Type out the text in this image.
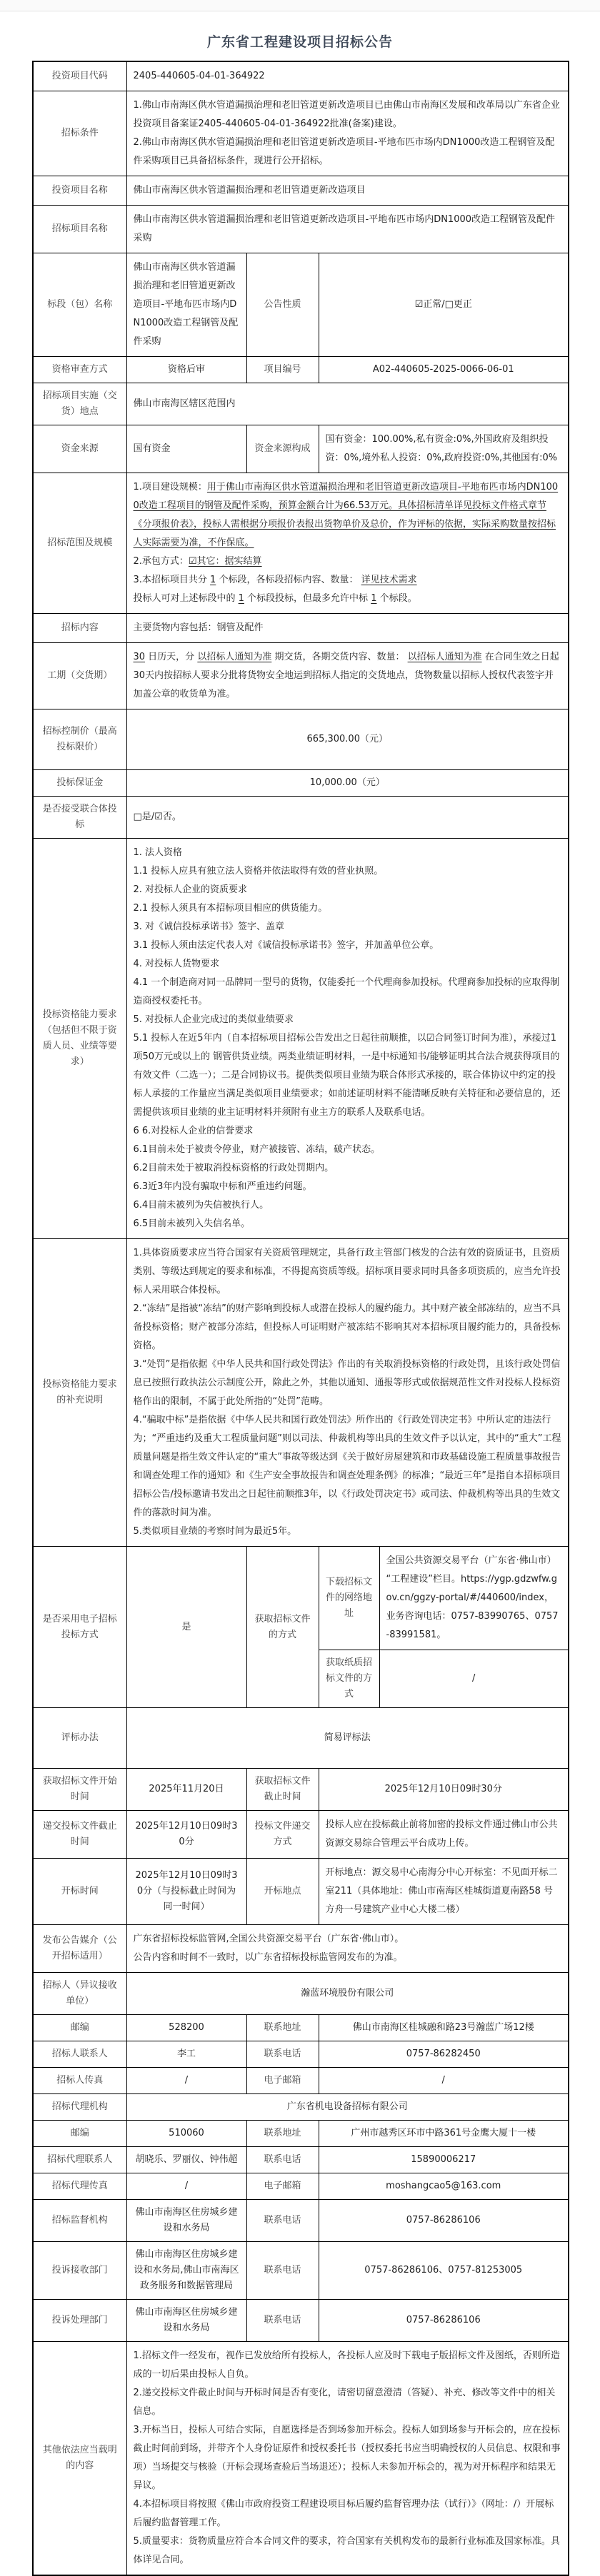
广东省工程建设项目招标公告
投资项目代码	2405-440605-04-01-364922			
招标条件	1.佛山市南海区供水管道漏损治理和老旧管道更新改造项目已由佛山市南海区发展和改革局以广东省企业投资项目备案证2405-440605-04-01-364922批准(备案)建设。
2.佛山市南海区供水管道漏损治理和老旧管道更新改造项目-平地布匹市场内DN1000改造工程钢管及配件采购项目已具备招标条件，现进行公开招标。			

投资项目名称	佛山市南海区供水管道漏损治理和老旧管道更新改造项目			
招标项目名称	佛山市南海区供水管道漏损治理和老旧管道更新改造项目-平地布匹市场内DN1000改造工程钢管及配件采购			
标段（包）名称	佛山市南海区供水管道漏损治理和老旧管道更新改造项目-平地布匹市场内DN1000改造工程钢管及配件采购	公告性质	☑正常/□更正	
资格审查方式	资格后审	项目编号	A02-440605-2025-0066-06-01	
招标项目实施（交货）地点	佛山市南海区辖区范围内			
资金来源	国有资金	资金来源构成	国有资金：100.00%,私有资金:0%,外国政府及组织投资：0%,境外私人投资：0%,政府投资:0%,其他国有:0%	
招标范围及规模	1.项目建设规模：用于佛山市南海区供水管道漏损治理和老旧管道更新改造项目-平地布匹市场内DN1000改造工程项目的钢管及配件采购，预算金额合计为66.53万元。具体招标清单详见投标文件格式章节《分项报价表》，投标人需根据分项报价表报出货物单价及总价，作为评标的依据，实际采购数量按招标人实际需要为准，不作保底。
2.承包方式：☑其它：据实结算
3.本招标项目共分 1 个标段，各标段招标内容、数量： 详见技术需求
投标人可对上述标段中的 1 个标段投标，但最多允许中标 1 个标段。			

招标内容	主要货物内容包括：钢管及配件			
工期（交货期）	30 日历天，分 以招标人通知为准 期交货，各期交货内容、数量： 以招标人通知为准 在合同生效之日起30天内按招标人要求分批将货物安全地运到招标人指定的交货地点，货物数量以招标人授权代表签字并加盖公章的收货单为准。			

招标控制价（最高投标限价）	665,300.00（元）			
投标保证金	10,000.00（元）			
是否接受联合体投标	□是/☑否。			
投标资格能力要求（包括但不限于资质人员、业绩等要求）	
1. 法人资格
1.1 投标人应具有独立法人资格并依法取得有效的营业执照。
2. 对投标人企业的资质要求
2.1 投标人须具有本招标项目相应的供货能力。
3. 对《诚信投标承诺书》签字、盖章
3.1 投标人须由法定代表人对《诚信投标承诺书》签字，并加盖单位公章。
4. 对投标人货物要求
4.1 一个制造商对同一品牌同一型号的货物，仅能委托一个代理商参加投标。代理商参加投标的应取得制造商授权委托书。
5. 对投标人企业完成过的类似业绩要求
5.1 投标人在近5年内（自本招标项目招标公告发出之日起往前顺推，以☑合同签订时间为准），承接过1项50万元或以上的 钢管供货业绩。两类业绩证明材料，一是中标通知书/能够证明其合法合规获得项目的有效文件（二选一）；二是合同协议书。提供类似项目业绩为联合体形式承接的，联合体协议中约定的投标人承接的工作量应当满足类似项目业绩要求；如前述证明材料不能清晰反映有关特征和必要信息的，还需提供该项目业绩的业主证明材料并须附有业主方的联系人及联系电话。
6 6.对投标人企业的信誉要求
6.1目前未处于被责令停业，财产被接管、冻结，破产状态。
6.2目前未处于被取消投标资格的行政处罚期内。
6.3近3年内没有骗取中标和严重违约问题。
6.4目前未被列为失信被执行人。
6.5目前未被列入失信名单。

投标资格能力要求的补充说明	1.具体资质要求应当符合国家有关资质管理规定，具备行政主管部门核发的合法有效的资质证书，且资质类别、等级达到规定的要求和标准，不得提高资质等级。招标项目要求同时具备多项资质的，应当允许投标人采用联合体投标。
2.“冻结”是指被“冻结”的财产影响到投标人或潜在投标人的履约能力。其中财产被全部冻结的，应当不具备投标资格；财产被部分冻结，但投标人可证明财产被冻结不影响其对本招标项目履约能力的，具备投标资格。
3.“处罚”是指依据《中华人民共和国行政处罚法》作出的有关取消投标资格的行政处罚，且该行政处罚信息已按照行政执法公示制度公开，除此之外，其他以通知、通报等形式或依据规范性文件对投标人投标资格作出的限制，不属于此处所指的“处罚”范畴。
4.“骗取中标”是指依据《中华人民共和国行政处罚法》所作出的《行政处罚决定书》中所认定的违法行为；“严重违约及重大工程质量问题”则以司法、仲裁机构等出具的生效文件予以认定，其中的“重大”工程质量问题是指生效文件认定的“重大”事故等级达到《关于做好房屋建筑和市政基础设施工程质量事故报告和调查处理工作的通知》和《生产安全事故报告和调查处理条例》的标准；“最近三年”是指自本招标项目招标公告/投标邀请书发出之日起往前顺推3年，以《行政处罚决定书》或司法、仲裁机构等出具的生效文件的落款时间为准。
5.类似项目业绩的考察时间为最近5年。			

是否采用电子招标投标方式	是	获取招标文件的方式	下载招标文件的网络地址	全国公共资源交易平台（广东省·佛山市）“工程建设”栏目。https://ygp.gdzwfw.gov.cn/ggzy-portal/#/440600/index，业务咨询电话：0757-83990765、0757-83991581。
			获取纸质招标文件的方式	/
评标办法	简易评标法			
获取招标文件开始时间	2025年11月20日	获取招标文件截止时间	2025年12月10日09时30分	
递交投标文件截止时间	2025年12月10日09时30分	投标文件递交方式	投标人应在投标截止前将加密的投标文件通过佛山市公共资源交易综合管理云平台成功上传。	
开标时间	2025年12月10日09时30分（与投标截止时间为同一时间）	开标地点	开标地点：源交易中心南海分中心开标室：不见面开标二室211（具体地址：佛山市南海区桂城街道夏南路58 号方舟一号建筑产业中心大楼二楼）	
发布公告媒介（公开招标适用）	广东省招标投标监管网,全国公共资源交易平台（广东省·佛山市）。
公告内容和时间不一致时，以广东省招标投标监管网发布的为准。			

招标人（异议接收单位）	瀚蓝环境股份有限公司			
邮编	528200	联系地址	佛山市南海区桂城融和路23号瀚蓝广场12楼	
招标人联系人	李工	联系电话	0757-86282450	
招标人传真	/	电子邮箱	/	
招标代理机构	广东省机电设备招标有限公司			
邮编	510060	联系地址	广州市越秀区环市中路361号金鹰大厦十一楼	
招标代理联系人	胡晓乐、罗丽仪、钟伟超	联系电话	15890006217	
招标代理传真	/	电子邮箱	moshangcao5@163.com	
招标监督机构	佛山市南海区住房城乡建设和水务局	联系电话	0757-86286106	
投诉接收部门	佛山市南海区住房城乡建设和水务局,佛山市南海区政务服务和数据管理局	联系电话	0757-86286106、0757-81253005	
投诉处理部门	佛山市南海区住房城乡建设和水务局	联系电话	0757-86286106	
其他依法应当载明的内容	1.招标文件一经发布，视作已发放给所有投标人，各投标人应及时下载电子版招标文件及图纸，否则所造成的一切后果由投标人自负。
2.递交投标文件截止时间与开标时间是否有变化，请密切留意澄清（答疑）、补充、修改等文件中的相关信息。
3.开标当日，投标人可结合实际，自愿选择是否到场参加开标会。投标人如到场参与开标会的，应在投标截止时间前到场，并带齐个人身份证原件和授权委托书（授权委托书应当明确授权的人员信息、权限和事项）当场提交与核验（开标会现场查验后当场退还）；投标人未参加开标会的，视为对开标程序和结果无异议。
4.本招标项目将按照《佛山市政府投资工程建设项目标后履约监督管理办法（试行）》（网址：/）开展标后履约监督管理工作。
5.质量要求：货物质量应符合本合同文件的要求，符合国家有关机构发布的最新行业标准及国家标准。具体详见合同。			
